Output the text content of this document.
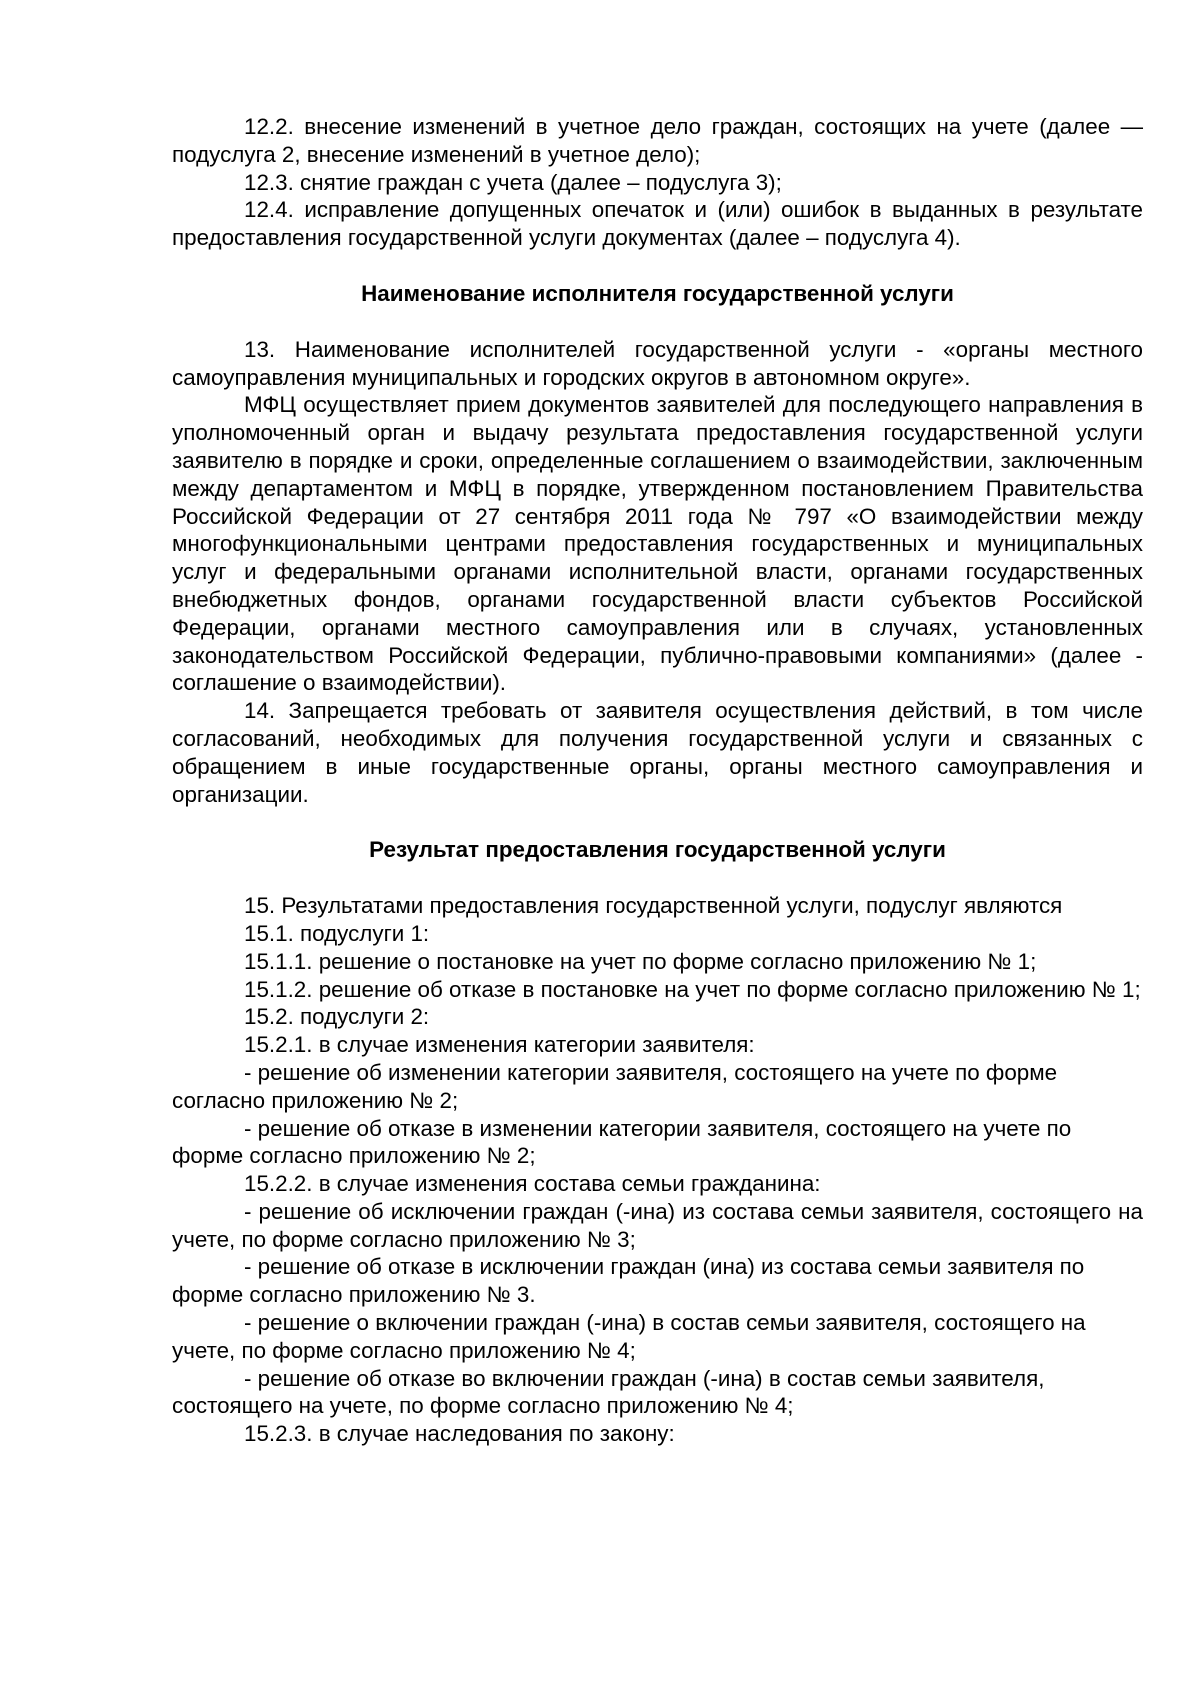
12.2. внесение изменений в учетное дело граждан, состоящих на учете (далее — подуслуга 2, внесение изменений в учетное дело);

12.3. снятие граждан с учета (далее – подуслуга 3);

12.4. исправление допущенных опечаток и (или) ошибок в выданных в результате предоставления государственной услуги документах (далее – подуслуга 4).

Наименование исполнителя государственной услуги

13. Наименование исполнителей государственной услуги - «органы местного самоуправления муниципальных и городских округов в автономном округе».

МФЦ осуществляет прием документов заявителей для последующего направления в уполномоченный орган и выдачу результата предоставления государственной услуги заявителю в порядке и сроки, определенные соглашением о взаимодействии, заключенным между департаментом и МФЦ в порядке, утвержденном постановлением Правительства Российской Федерации от 27 сентября 2011 года № 797 «О взаимодействии между многофункциональными центрами предоставления государственных и муниципальных услуг и федеральными органами исполнительной власти, органами государственных внебюджетных фондов, органами государственной власти субъектов Российской Федерации, органами местного самоуправления или в случаях, установленных законодательством Российской Федерации, публично-правовыми компаниями» (далее - соглашение о взаимодействии).

14. Запрещается требовать от заявителя осуществления действий, в том числе согласований, необходимых для получения государственной услуги и связанных с обращением в иные государственные органы, органы местного самоуправления и организации.

Результат предоставления государственной услуги

15. Результатами предоставления государственной услуги, подуслуг являются

15.1. подуслуги 1:

15.1.1. решение о постановке на учет по форме согласно приложению № 1;

15.1.2. решение об отказе в постановке на учет по форме согласно приложению № 1;

15.2. подуслуги 2:

15.2.1. в случае изменения категории заявителя:

- решение об изменении категории заявителя, состоящего на учете по форме согласно приложению № 2;

- решение об отказе в изменении категории заявителя, состоящего на учете по форме согласно приложению № 2;

15.2.2. в случае изменения состава семьи гражданина:

- решение об исключении граждан (-ина) из состава семьи заявителя, состоящего на учете, по форме согласно приложению № 3;

- решение об отказе в исключении граждан (ина) из состава семьи заявителя по форме согласно приложению № 3.

- решение о включении граждан (-ина) в состав семьи заявителя, состоящего на учете, по форме согласно приложению № 4;

- решение об отказе во включении граждан (-ина) в состав семьи заявителя, состоящего на учете, по форме согласно приложению № 4;

15.2.3. в случае наследования по закону:
